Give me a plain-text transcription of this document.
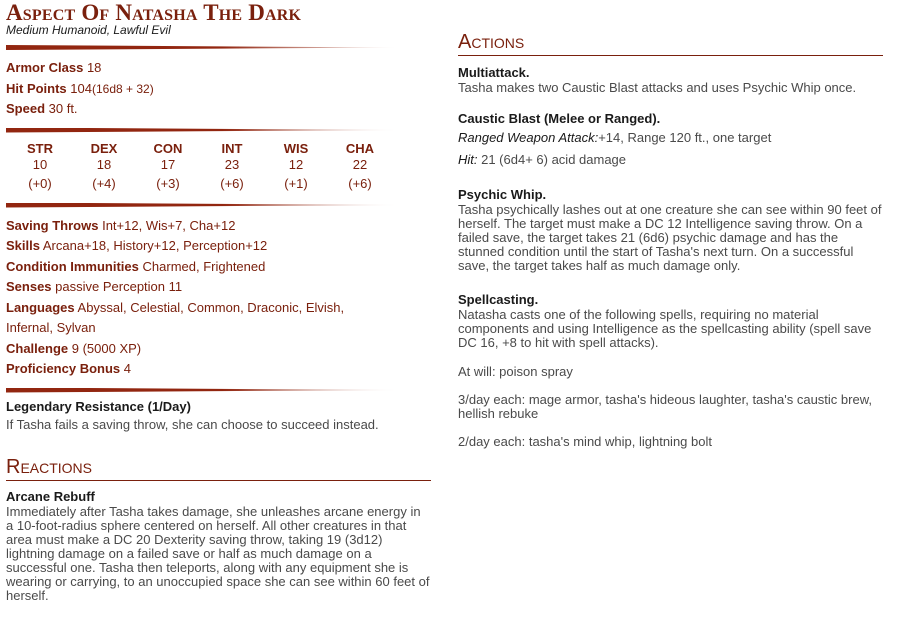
Aspect Of Natasha The Dark
Medium Humanoid, Lawful Evil
Armor Class 18
Hit Points 104(16d8 + 32)
Speed 30 ft.
STR
10
(+0)
DEX
18
(+4)
CON
17
(+3)
INT
23
(+6)
WIS
12
(+1)
CHA
22
(+6)
Saving Throws Int+12, Wis+7, Cha+12
Skills Arcana+18, History+12, Perception+12
Condition Immunities Charmed, Frightened
Senses passive Perception 11
Languages Abyssal, Celestial, Common, Draconic, Elvish,
Infernal, Sylvan
Challenge 9 (5000 XP)
Proficiency Bonus 4
Legendary Resistance (1/Day)
If Tasha fails a saving throw, she can choose to succeed instead.
Reactions
Arcane Rebuff
Immediately after Tasha takes damage, she unleashes arcane energy in a 10-foot-radius sphere centered on herself. All other creatures in that area must make a DC 20 Dexterity saving throw, taking 19 (3d12) lightning damage on a failed save or half as much damage on a successful one. Tasha then teleports, along with any equipment she is wearing or carrying, to an unoccupied space she can see within 60 feet of herself.
Actions
Multiattack.
Tasha makes two Caustic Blast attacks and uses Psychic Whip once.
Caustic Blast (Melee or Ranged).
Ranged Weapon Attack:+14, Range 120 ft., one target
Hit: 21 (6d4+ 6) acid damage
Psychic Whip.
Tasha psychically lashes out at one creature she can see within 90 feet of herself. The target must make a DC 12 Intelligence saving throw. On a failed save, the target takes 21 (6d6) psychic damage and has the stunned condition until the start of Tasha's next turn. On a successful save, the target takes half as much damage only.
Spellcasting.
Natasha casts one of the following spells, requiring no material components and using Intelligence as the spellcasting ability (spell save DC 16, +8 to hit with spell attacks).
At will: poison spray
3/day each: mage armor, tasha's hideous laughter, tasha's caustic brew, hellish rebuke
2/day each: tasha's mind whip, lightning bolt
